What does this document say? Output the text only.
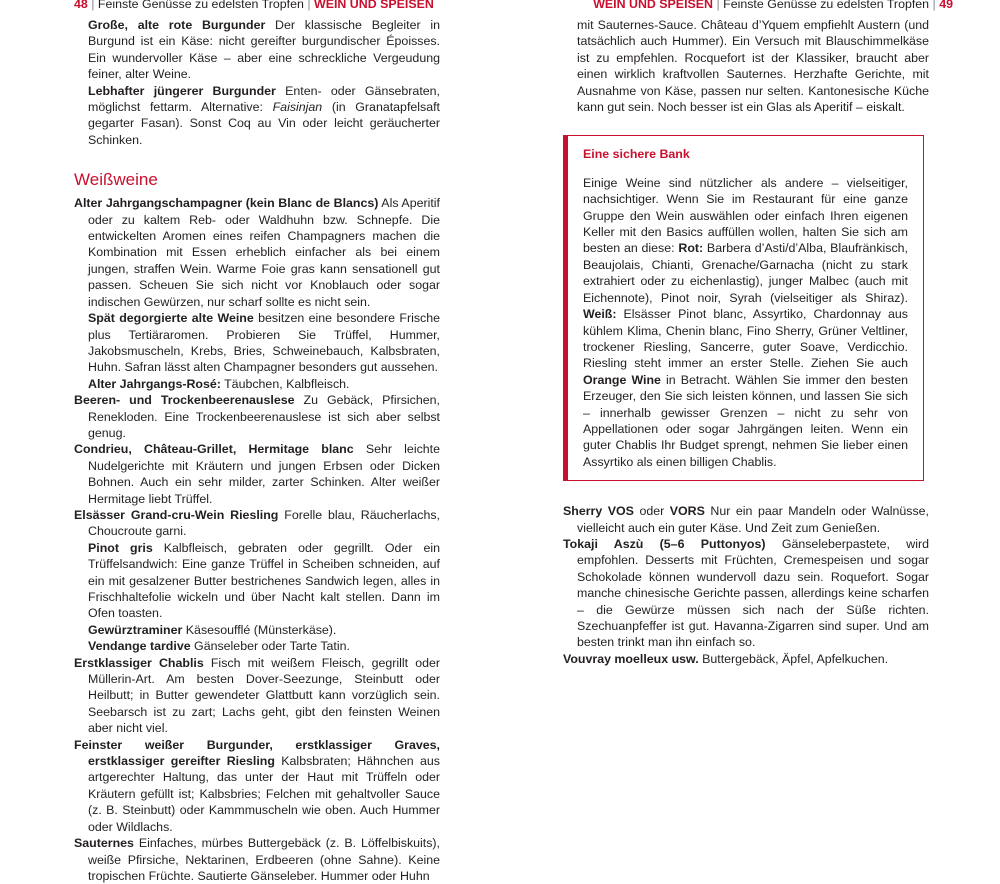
48 | Feinste Genüsse zu edelsten Tropfen | WEIN UND SPEISEN

Große, alte rote Burgunder Der klassische Begleiter in Burgund ist ein Käse: nicht gereifter burgundischer Époisses. Ein wundervoller Käse – aber eine schreckliche Vergeudung feiner, alter Weine.

Lebhafter jüngerer Burgunder Enten- oder Gänsebraten, möglichst fettarm. Alternative: Faisinjan (in Granatapfelsaft gegarter Fasan). Sonst Coq au Vin oder leicht geräucherter Schinken.

Weißweine

Alter Jahrgangschampagner (kein Blanc de Blancs) Als Aperitif oder zu kaltem Reb- oder Waldhuhn bzw. Schnepfe. Die entwickelten Aromen eines reifen Champagners machen die Kombination mit Essen erheblich einfacher als bei einem jungen, straffen Wein. Warme Foie gras kann sensationell gut passen. Scheuen Sie sich nicht vor Knoblauch oder sogar indischen Gewürzen, nur scharf sollte es nicht sein.

Spät degorgierte alte Weine besitzen eine besondere Frische plus Tertiäraromen. Probieren Sie Trüffel, Hummer, Jakobsmuscheln, Krebs, Bries, Schweinebauch, Kalbsbraten, Huhn. Safran lässt alten Champagner besonders gut aussehen.

Alter Jahrgangs-Rosé: Täubchen, Kalbfleisch.

Beeren- und Trockenbeerenauslese Zu Gebäck, Pfirsichen, Reneklоden. Eine Trockenbeerenauslese ist sich aber selbst genug.

Condrieu, Château-Grillet, Hermitage blanc Sehr leichte Nudelgerichte mit Kräutern und jungen Erbsen oder Dicken Bohnen. Auch ein sehr milder, zarter Schinken. Alter weißer Hermitage liebt Trüffel.

Elsässer Grand-cru-Wein Riesling Forelle blau, Räucherlachs, Choucroute garni.

Pinot gris Kalbfleisch, gebraten oder gegrillt. Oder ein Trüffelsandwich: Eine ganze Trüffel in Scheiben schneiden, auf ein mit gesalzener Butter bestrichenes Sandwich legen, alles in Frischhaltefolie wickeln und über Nacht kalt stellen. Dann im Ofen toasten.

Gewürztraminer Käsesoufflé (Münsterkäse).

Vendange tardive Gänseleber oder Tarte Tatin.

Erstklassiger Chablis Fisch mit weißem Fleisch, gegrillt oder Müllerin-Art. Am besten Dover-Seezunge, Steinbutt oder Heilbutt; in Butter gewendeter Glattbutt kann vorzüglich sein. Seebarsch ist zu zart; Lachs geht, gibt den feinsten Weinen aber nicht viel.

Feinster weißer Burgunder, erstklassiger Graves, erstklassiger gereifter Riesling Kalbsbraten; Hähnchen aus artgerechter Haltung, das unter der Haut mit Trüffeln oder Kräutern gefüllt ist; Kalbsbries; Felchen mit gehaltvoller Sauce (z. B. Steinbutt) oder Kammmuscheln wie oben. Auch Hummer oder Wildlachs.

Sauternes Einfaches, mürbes Buttergebäck (z. B. Löffelbiskuits), weiße Pfirsiche, Nektarinen, Erdbeeren (ohne Sahne). Keine tropischen Früchte. Sautierte Gänseleber. Hummer oder Huhn

WEIN UND SPEISEN | Feinste Genüsse zu edelsten Tropfen | 49

mit Sauternes-Sauce. Château d’Yquem empfiehlt Austern (und tatsächlich auch Hummer). Ein Versuch mit Blauschimmelkäse ist zu empfehlen. Rocquefort ist der Klassiker, braucht aber einen wirklich kraftvollen Sauternes. Herzhafte Gerichte, mit Ausnahme von Käse, passen nur selten. Kantonesische Küche kann gut sein. Noch besser ist ein Glas als Aperitif – eiskalt.

Eine sichere Bank

Einige Weine sind nützlicher als andere – vielseitiger, nachsichtiger. Wenn Sie im Restaurant für eine ganze Gruppe den Wein auswählen oder einfach Ihren eigenen Keller mit den Basics auffüllen wollen, halten Sie sich am besten an diese: Rot: Barbera d’Asti/d’Alba, Blaufränkisch, Beaujolais, Chianti, Grenache/Garnacha (nicht zu stark extrahiert oder zu eichenlastig), junger Malbec (auch mit Eichennote), Pinot noir, Syrah (vielseitiger als Shiraz). Weiß: Elsässer Pinot blanc, Assyrtiko, Chardonnay aus kühlem Klima, Chenin blanc, Fino Sherry, Grüner Veltliner, trockener Riesling, Sancerre, guter Soave, Verdicchio. Riesling steht immer an erster Stelle. Ziehen Sie auch Orange Wine in Betracht. Wählen Sie immer den besten Erzeuger, den Sie sich leisten können, und lassen Sie sich – innerhalb gewisser Grenzen – nicht zu sehr von Appellationen oder sogar Jahrgängen leiten. Wenn ein guter Chablis Ihr Budget sprengt, nehmen Sie lieber einen Assyrtiko als einen billigen Chablis.

Sherry VOS oder VORS Nur ein paar Mandeln oder Walnüsse, vielleicht auch ein guter Käse. Und Zeit zum Genießen.

Tokaji Aszù (5–6 Puttonyos) Gänseleberpastete, wird empfohlen. Desserts mit Früchten, Cremespeisen und sogar Schokolade können wundervoll dazu sein. Roquefort. Sogar manche chinesische Gerichte passen, allerdings keine scharfen – die Gewürze müssen sich nach der Süße richten. Szechuanpfeffer ist gut. Havanna-Zigarren sind super. Und am besten trinkt man ihn einfach so.

Vouvray moelleux usw. Buttergebäck, Äpfel, Apfelkuchen.
